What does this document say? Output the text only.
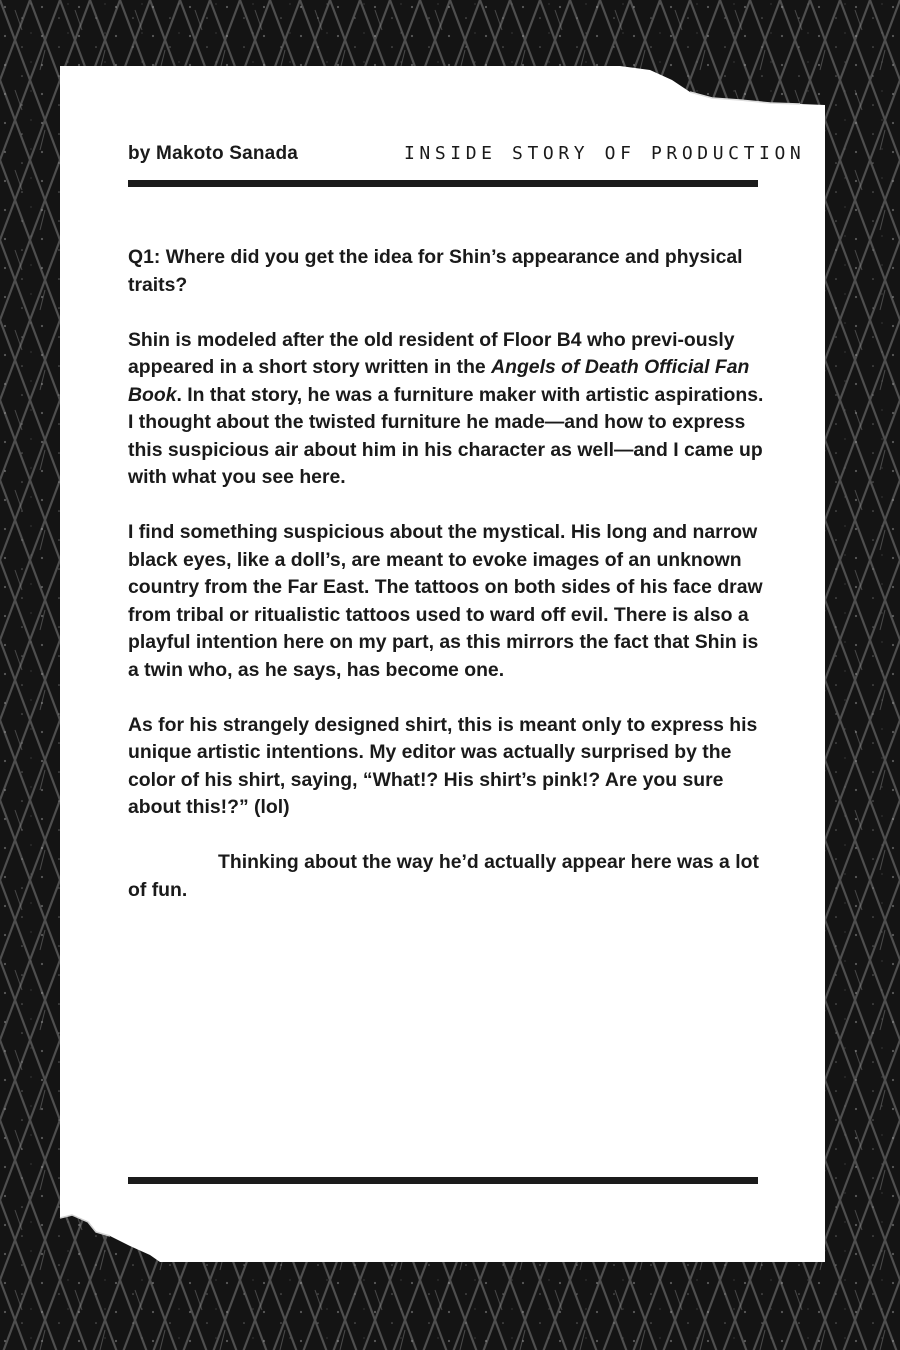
by Makoto Sanada	INSIDE STORY OF PRODUCTION

Q1: Where did you get the idea for Shin’s appearance and physical traits?

Shin is modeled after the old resident of Floor B4 who previ-ously appeared in a short story written in the Angels of Death Official Fan Book. In that story, he was a furniture maker with artistic aspirations. I thought about the twisted furniture he made—and how to express this suspicious air about him in his character as well—and I came up with what you see here.

I find something suspicious about the mystical. His long and narrow black eyes, like a doll’s, are meant to evoke images of an unknown country from the Far East. The tattoos on both sides of his face draw from tribal or ritualistic tattoos used to ward off evil. There is also a playful intention here on my part, as this mirrors the fact that Shin is a twin who, as he says, has become one.

As for his strangely designed shirt, this is meant only to express his unique artistic intentions. My editor was actually surprised by the color of his shirt, saying, “What!? His shirt’s pink!? Are you sure about this!?” (lol)

Thinking about the way he’d actually appear here was a lot of fun.
